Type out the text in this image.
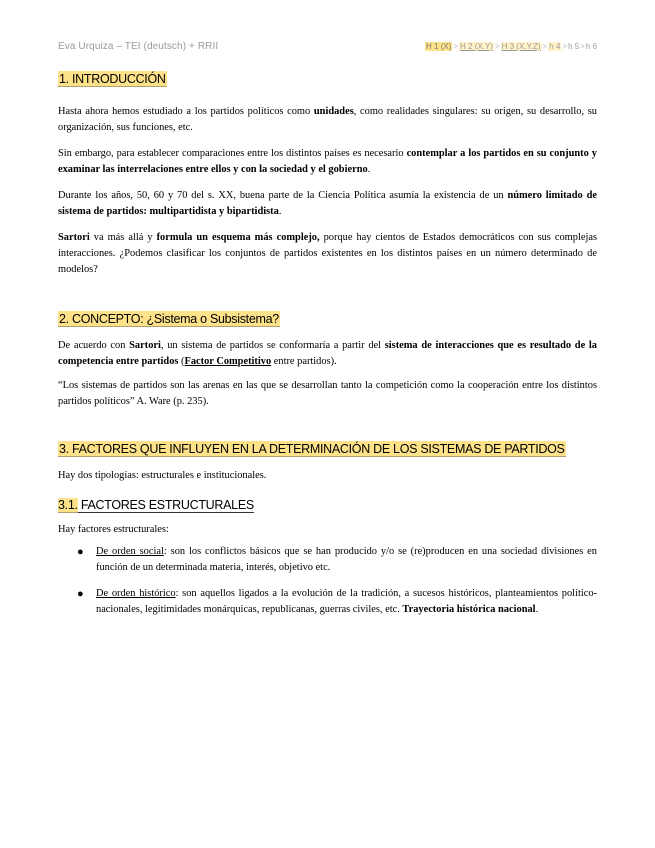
Eva Urquiza – TEI (deutsch) + RRII	H 1 (X) > H 2 (X.Y) > H 3 (X.Y.Z) > h 4 >h 5>h 6
1. INTRODUCCIÓN

Hasta ahora hemos estudiado a los partidos políticos como unidades, como realidades singulares: su origen, su desarrollo, su organización, sus funciones, etc.

Sin embargo, para establecer comparaciones entre los distintos países es necesario contemplar a los partidos en su conjunto y examinar las interrelaciones entre ellos y con la sociedad y el gobierno.

Durante los años, 50, 60 y 70 del s. XX, buena parte de la Ciencia Política asumía la existencia de un número limitado de sistema de partidos: multipartidista y bipartidista.

Sartori va más allá y formula un esquema más complejo, porque hay cientos de Estados democráticos con sus complejas interacciones. ¿Podemos clasificar los conjuntos de partidos existentes en los distintos países en un número determinado de modelos?

2. CONCEPTO: ¿Sistema o Subsistema?

De acuerdo con Sartori, un sistema de partidos se conformaría a partir del sistema de interacciones que es resultado de la competencia entre partidos (Factor Competitivo entre partidos).

“Los sistemas de partidos son las arenas en las que se desarrollan tanto la competición como la cooperación entre los distintos partidos políticos” A. Ware (p. 235).

3. FACTORES QUE INFLUYEN EN LA DETERMINACIÓN DE LOS SISTEMAS DE PARTIDOS

Hay dos tipologías: estructurales e institucionales.

3.1. FACTORES ESTRUCTURALES

Hay factores estructurales:

● De orden social: son los conflictos básicos que se han producido y/o se (re)producen en una sociedad divisiones en función de un determinada materia, interés, objetivo etc.
● De orden histórico: son aquellos ligados a la evolución de la tradición, a sucesos históricos, planteamientos político-nacionales, legitimidades monárquicas, republicanas, guerras civiles, etc. Trayectoria histórica nacional.
